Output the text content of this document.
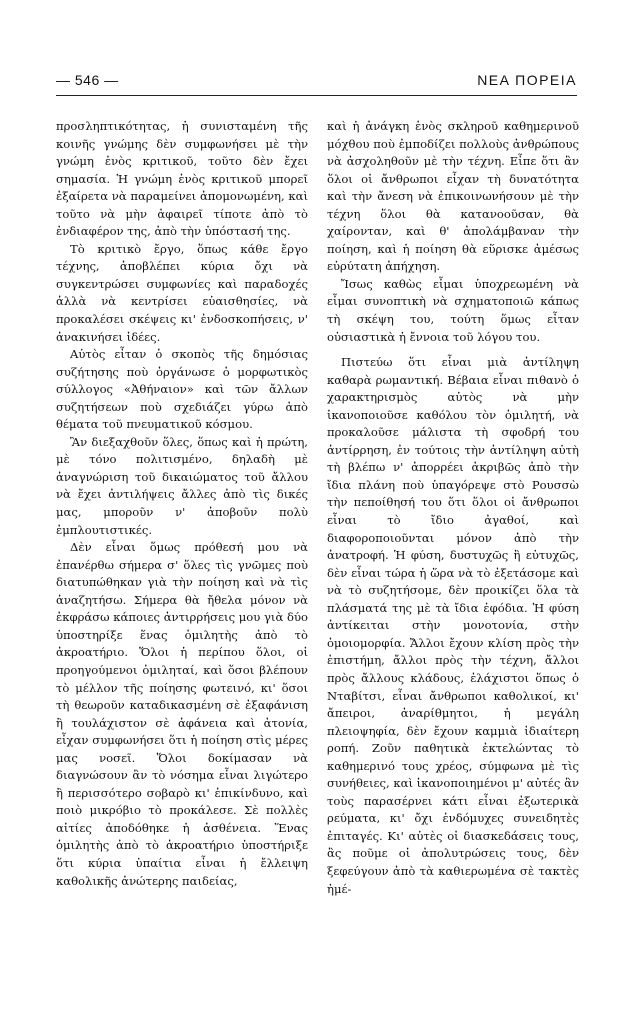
— 546 —	ΝΕΑ ΠΟΡΕΙΑ

προσληπτικότητας, ἡ συνισταμένη τῆς κοινῆς γνώμης δὲν συμφωνήσει μὲ τὴν γνώμη ἑνὸς κριτικοῦ, τοῦτο δὲν ἔχει σημασία. Ἡ γνώμη ἑνὸς κριτικοῦ μπορεῖ ἐξαίρετα νὰ παραμείνει ἀπομονωμένη, καὶ τοῦτο νὰ μὴν ἀφαιρεῖ τίποτε ἀπὸ τὸ ἐνδιαφέρον της, ἀπὸ τὴν ὑπόστασή της.

Τὸ κριτικὸ ἔργο, ὅπως κάθε ἔργο τέχνης, ἀποβλέπει κύρια ὄχι νὰ συγκεντρώσει συμφωνίες καὶ παραδοχές ἀλλὰ νὰ κεντρίσει εὐαισθησίες, νὰ προκαλέσει σκέψεις κι' ἐνδοσκοπήσεις, ν' ἀνακινήσει ἰδέες.

Αὐτὸς εἶταν ὁ σκοπὸς τῆς δημόσιας συζήτησης ποὺ ὀργάνωσε ὁ μορφωτικὸς σύλλογος «Ἀθήναιον» καὶ τῶν ἄλλων συζητήσεων ποὺ σχεδιάζει γύρω ἀπὸ θέματα τοῦ πνευματικοῦ κόσμου.

Ἂν διεξαχθοῦν ὅλες, ὅπως καὶ ἡ πρώτη, μὲ τόνο πολιτισμένο, δηλαδὴ μὲ ἀναγνώριση τοῦ δικαιώματος τοῦ ἄλλου νὰ ἔχει ἀντιλήψεις ἄλλες ἀπὸ τὶς δικές μας, μποροῦν ν' ἀποβοῦν πολὺ ἐμπλουτιστικές.

Δὲν εἶναι ὅμως πρόθεσή μου νὰ ἐπανέρθω σήμερα σ' ὅλες τὶς γνῶμες ποὺ διατυπώθηκαν γιὰ τὴν ποίηση καὶ νὰ τὶς ἀναζητήσω. Σήμερα θὰ ἤθελα μόνον νὰ ἐκφράσω κάποιες ἀντιρρήσεις μου γιὰ δύο ὑποστηρίξε ἕνας ὁμιλητὴς ἀπὸ τὸ ἀκροατήριο. Ὅλοι ἡ περίπου ὅλοι, οἱ προηγούμενοι ὁμιληταί, καὶ ὅσοι βλέπουν τὸ μέλλον τῆς ποίησης φωτεινό, κι' ὅσοι τὴ θεωροῦν καταδικασμένη σὲ ἐξαφάνιση ἢ τουλάχιστον σὲ ἀφάνεια καὶ ἀτονία, εἶχαν συμφωνήσει ὅτι ἡ ποίηση στὶς μέρες μας νοσεῖ. Ὅλοι δοκίμασαν νὰ διαγνώσουν ἂν τὸ νόσημα εἶναι λιγώτερο ἢ περισσότερο σοβαρὸ κι' ἐπικίνδυνο, καὶ ποιὸ μικρόβιο τὸ προκάλεσε. Σὲ πολλὲς αἰτίες ἀποδόθηκε ἡ ἀσθένεια. Ἕνας ὁμιλητὴς ἀπὸ τὸ ἀκροατήριο ὑποστήριξε ὅτι κύρια ὑπαίτια εἶναι ἡ ἔλλειψη καθολικῆς ἀνώτερης παιδείας,

καὶ ἡ ἀνάγκη ἑνὸς σκληροῦ καθημερινοῦ μόχθου ποὺ ἐμποδίζει πολλοὺς ἀνθρώπους νὰ ἀσχοληθοῦν μὲ τὴν τέχνη. Εἶπε ὅτι ἂν ὅλοι οἱ ἄνθρωποι εἶχαν τὴ δυνατότητα καὶ τὴν ἄνεση νὰ ἐπικοινωνήσουν μὲ τὴν τέχνη ὅλοι θὰ κατανοοῦσαν, θὰ χαίρονταν, καὶ θ' ἀπολάμβαναν τὴν ποίηση, καὶ ἡ ποίηση θὰ εὕρισκε ἀμέσως εὐρύτατη ἀπήχηση.

Ἴσως καθὼς εἶμαι ὑποχρεωμένη νὰ εἶμαι συνοπτικὴ νὰ σχηματοποιῶ κάπως τὴ σκέψη του, τούτη ὅμως εἶταν οὐσιαστικὰ ἡ ἔννοια τοῦ λόγου του.

Πιστεύω ὅτι εἶναι μιὰ ἀντίληψη καθαρὰ ρωμαντική. Βέβαια εἶναι πιθανὸ ὁ χαρακτηρισμὸς αὐτὸς νὰ μὴν ἱκανοποιοῦσε καθόλου τὸν ὁμιλητή, νὰ προκαλοῦσε μάλιστα τὴ σφοδρή του ἀντίρρηση, ἐν τούτοις τὴν ἀντίληψη αὐτὴ τὴ βλέπω ν' ἀπορρέει ἀκριβῶς ἀπὸ τὴν ἴδια πλάνη ποὺ ὑπαγόρεψε στὸ Ρουσσὼ τὴν πεποίθησή του ὅτι ὅλοι οἱ ἄνθρωποι εἶναι τὸ ἴδιο ἀγαθοί, καὶ διαφοροποιοῦνται μόνον ἀπὸ τὴν ἀνατροφή. Ἡ φύση, δυστυχῶς ἢ εὐτυχῶς, δὲν εἶναι τώρα ἡ ὥρα νὰ τὸ ἐξετάσομε καὶ νὰ τὸ συζητήσομε, δὲν προικίζει ὅλα τὰ πλάσματά της μὲ τὰ ἴδια ἐφόδια. Ἡ φύση ἀντίκειται στὴν μονοτονία, στὴν ὁμοιομορφία. Ἄλλοι ἔχουν κλίση πρὸς τὴν ἐπιστήμη, ἄλλοι πρὸς τὴν τέχνη, ἄλλοι πρὸς ἄλλους κλάδους, ἐλάχιστοι ὅπως ὁ Νταβίτσι, εἶναι ἄνθρωποι καθολικοί, κι' ἄπειροι, ἀναρίθμητοι, ἡ μεγάλη πλειοψηφία, δὲν ἔχουν καμμιὰ ἰδιαίτερη ροπή. Ζοῦν παθητικὰ ἐκτελώντας τὸ καθημερινό τους χρέος, σύμφωνα μὲ τὶς συνήθειες, καὶ ἱκανοποιημένοι μ' αὐτές ἂν τοὺς παρασέρνει κάτι εἶναι ἐξωτερικὰ ρεύματα, κι' ὄχι ἐνδόμυχες συνειδητὲς ἐπιταγές. Κι' αὐτὲς οἱ διασκεδάσεις τους, ἂς ποῦμε οἱ ἀπολυτρώσεις τους, δὲν ξεφεύγουν ἀπὸ τὰ καθιερωμένα σὲ τακτὲς ἡμέ-
